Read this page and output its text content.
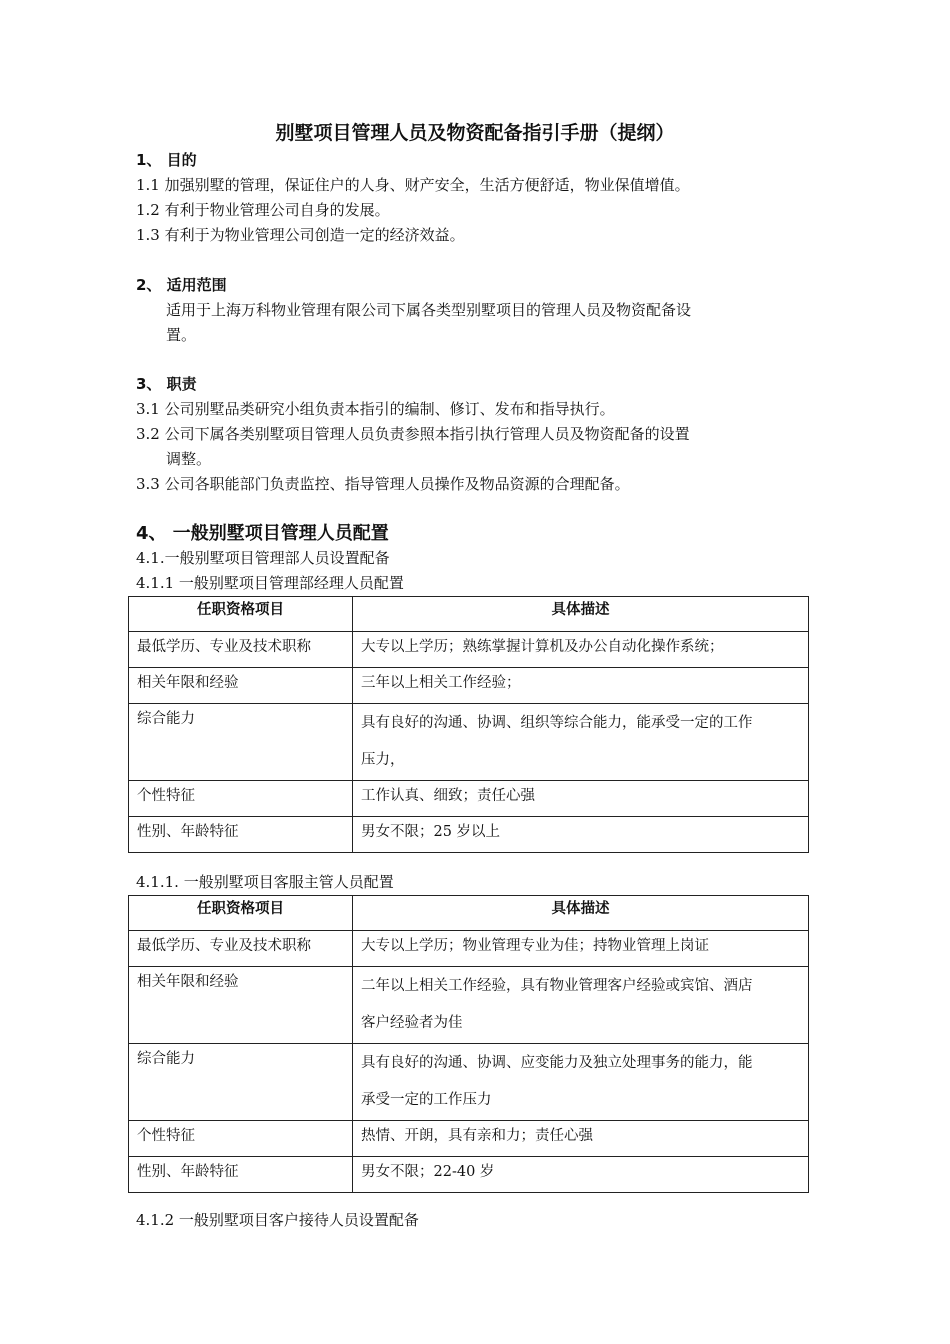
别墅项目管理人员及物资配备指引手册（提纲）
1、 目的
1.1 加强别墅的管理，保证住户的人身、财产安全，生活方便舒适，物业保值增值。
1.2 有利于物业管理公司自身的发展。
1.3 有利于为物业管理公司创造一定的经济效益。
2、 适用范围
适用于上海万科物业管理有限公司下属各类型别墅项目的管理人员及物资配备设
置。
3、 职责
3.1 公司别墅品类研究小组负责本指引的编制、修订、发布和指导执行。
3.2 公司下属各类别墅项目管理人员负责参照本指引执行管理人员及物资配备的设置
调整。
3.3 公司各职能部门负责监控、指导管理人员操作及物品资源的合理配备。
4、 一般别墅项目管理人员配置
4.1.一般别墅项目管理部人员设置配备
4.1.1 一般别墅项目管理部经理人员配置
任职资格项目	具体描述
最低学历、专业及技术职称	大专以上学历；熟练掌握计算机及办公自动化操作系统；
相关年限和经验	三年以上相关工作经验；
综合能力	具有良好的沟通、协调、组织等综合能力，能承受一定的工作
压力，
个性特征	工作认真、细致；责任心强
性别、年龄特征	男女不限；25 岁以上
4.1.1. 一般别墅项目客服主管人员配置
任职资格项目	具体描述
最低学历、专业及技术职称	大专以上学历；物业管理专业为佳；持物业管理上岗证
相关年限和经验	二年以上相关工作经验，具有物业管理客户经验或宾馆、酒店
客户经验者为佳
综合能力	具有良好的沟通、协调、应变能力及独立处理事务的能力，能
承受一定的工作压力
个性特征	热情、开朗，具有亲和力；责任心强
性别、年龄特征	男女不限；22-40 岁
4.1.2 一般别墅项目客户接待人员设置配备
